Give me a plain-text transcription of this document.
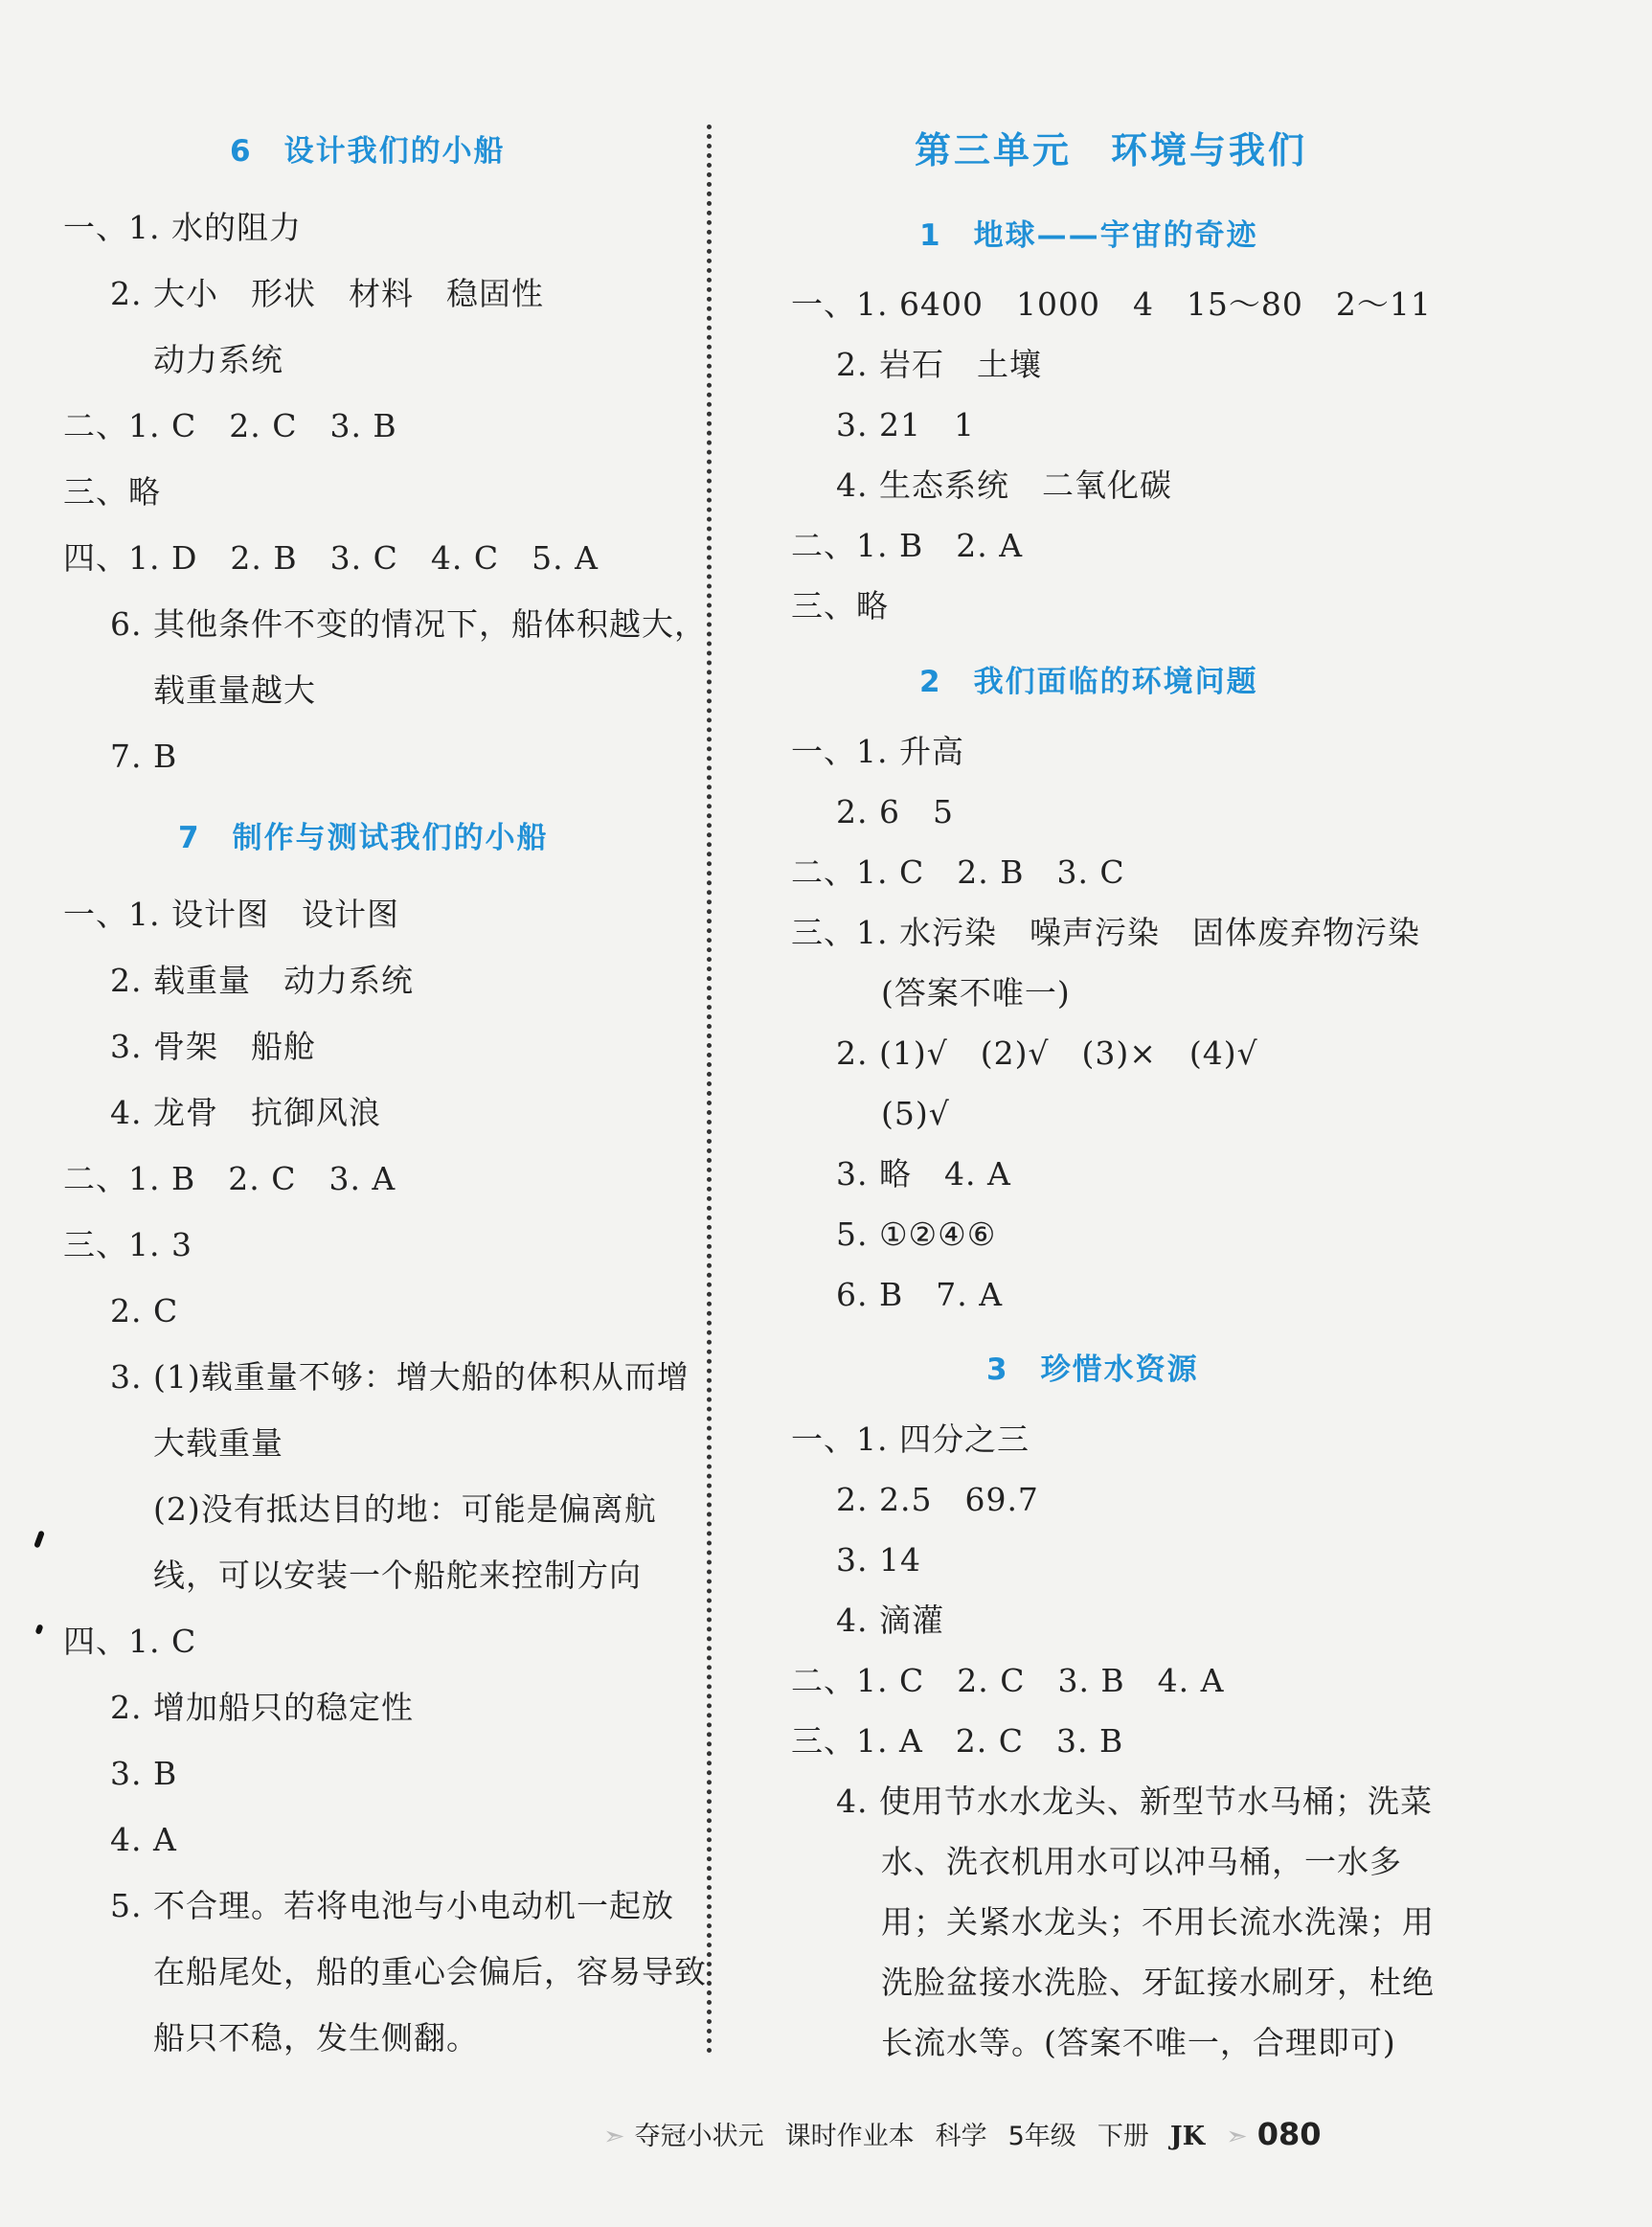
6　设计我们的小船
一、1. 水的阻力
2. 大小　形状　材料　稳固性
动力系统
二、1. C　2. C　3. B
三、略
四、1. D　2. B　3. C　4. C　5. A
6. 其他条件不变的情况下，船体积越大，
载重量越大
7. B
7　制作与测试我们的小船
一、1. 设计图　设计图
2. 载重量　动力系统
3. 骨架　船舱
4. 龙骨　抗御风浪
二、1. B　2. C　3. A
三、1. 3
2. C
3. (1)载重量不够：增大船的体积从而增
大载重量
(2)没有抵达目的地：可能是偏离航
线，可以安装一个船舵来控制方向
四、1. C
2. 增加船只的稳定性
3. B
4. A
5. 不合理。若将电池与小电动机一起放
在船尾处，船的重心会偏后，容易导致
船只不稳，发生侧翻。
第三单元　环境与我们
1　地球——宇宙的奇迹
一、1. 6400　1000　4　15～80　2～11
2. 岩石　土壤
3. 21　1
4. 生态系统　二氧化碳
二、1. B　2. A
三、略
2　我们面临的环境问题
一、1. 升高
2. 6　5
二、1. C　2. B　3. C
三、1. 水污染　噪声污染　固体废弃物污染
(答案不唯一)
2. (1)√　(2)√　(3)×　(4)√
(5)√
3. 略　4. A
5. ①②④⑥
6. B　7. A
3　珍惜水资源
一、1. 四分之三
2. 2.5　69.7
3. 14
4. 滴灌
二、1. C　2. C　3. B　4. A
三、1. A　2. C　3. B
4. 使用节水水龙头、新型节水马桶；洗菜
水、洗衣机用水可以冲马桶，一水多
用；关紧水龙头；不用长流水洗澡；用
洗脸盆接水洗脸、牙缸接水刷牙，杜绝
长流水等。(答案不唯一，合理即可)
➣ 夺冠小状元 课时作业本 科学 5年级 下册 JK ➣ 080
